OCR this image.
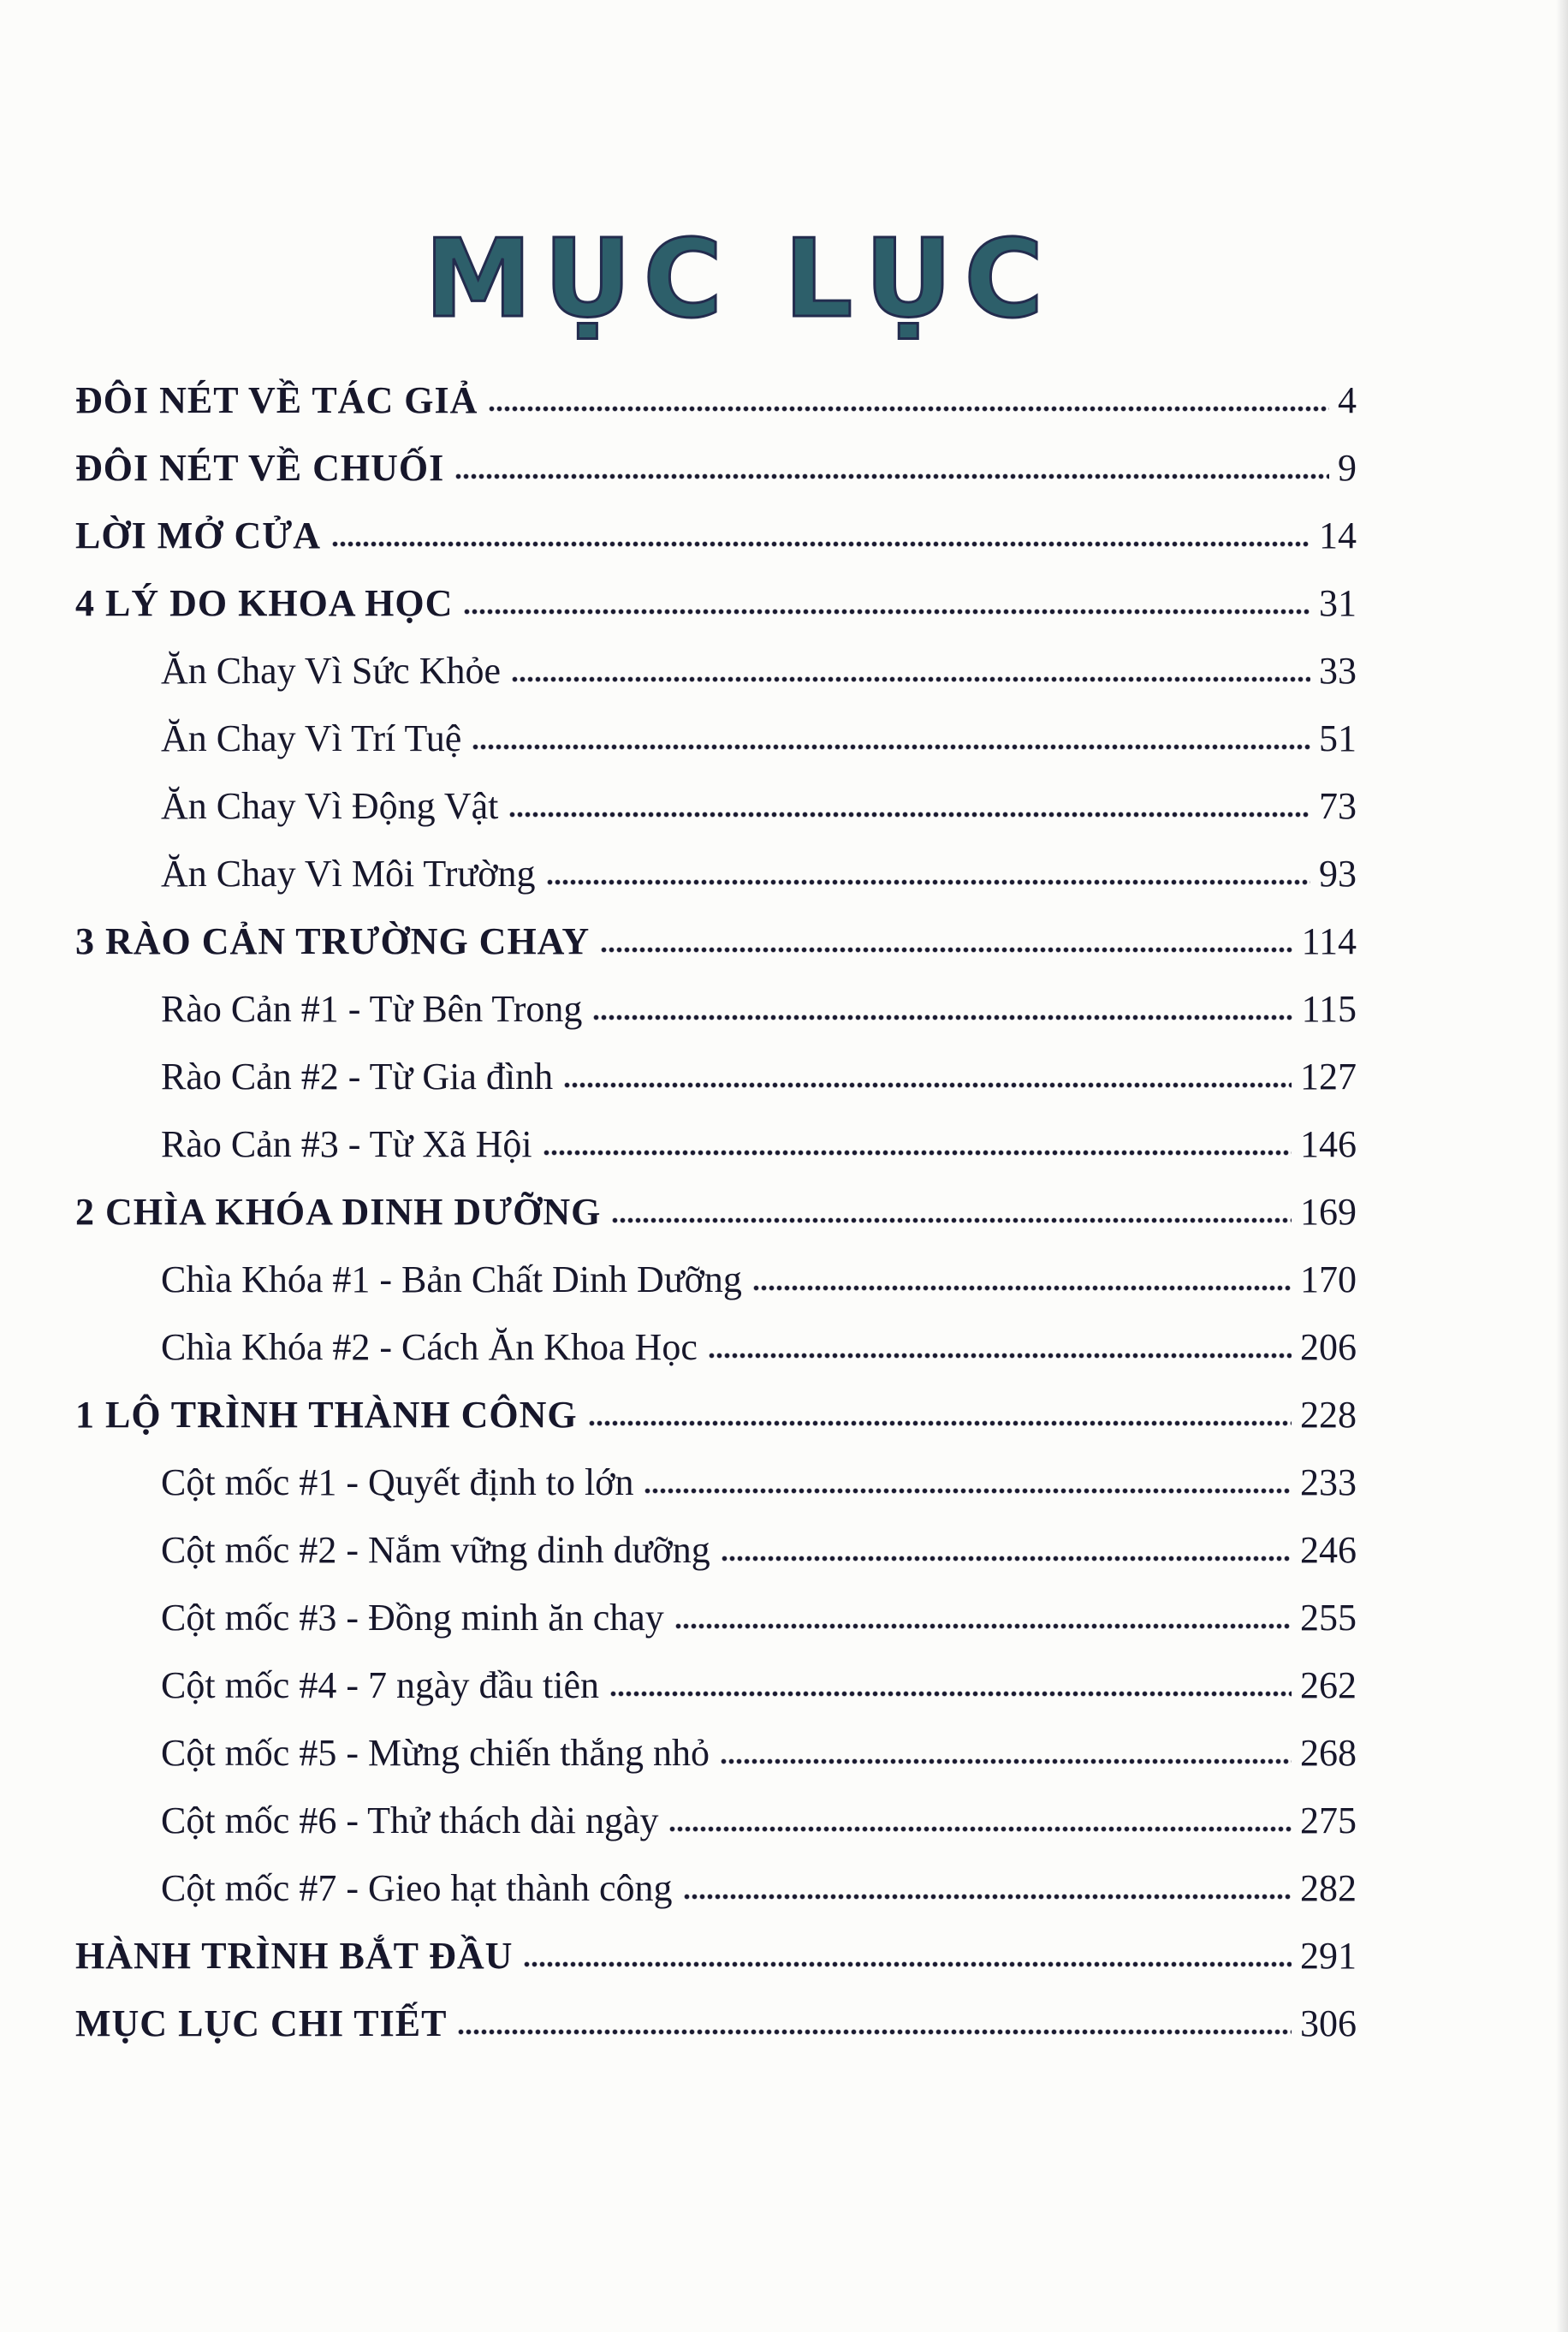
MỤC LỤC
ĐÔI NÉT VỀ TÁC GIẢ	4
ĐÔI NÉT VỀ CHUỐI	9
LỜI MỞ CỬA	14
4 LÝ DO KHOA HỌC	31
Ăn Chay Vì Sức Khỏe	33
Ăn Chay Vì Trí Tuệ	51
Ăn Chay Vì Động Vật	73
Ăn Chay Vì Môi Trường	93
3 RÀO CẢN TRƯỜNG CHAY	114
Rào Cản #1 - Từ Bên Trong	115
Rào Cản #2 - Từ Gia đình	127
Rào Cản #3 - Từ Xã Hội	146
2 CHÌA KHÓA DINH DƯỠNG	169
Chìa Khóa #1 - Bản Chất Dinh Dưỡng	170
Chìa Khóa #2 - Cách Ăn Khoa Học	206
1 LỘ TRÌNH THÀNH CÔNG	228
Cột mốc #1 - Quyết định to lớn	233
Cột mốc #2 - Nắm vững dinh dưỡng	246
Cột mốc #3 - Đồng minh ăn chay	255
Cột mốc #4 - 7 ngày đầu tiên	262
Cột mốc #5 - Mừng chiến thắng nhỏ	268
Cột mốc #6 - Thử thách dài ngày	275
Cột mốc #7 - Gieo hạt thành công	282
HÀNH TRÌNH BẮT ĐẦU	291
MỤC LỤC CHI TIẾT	306
